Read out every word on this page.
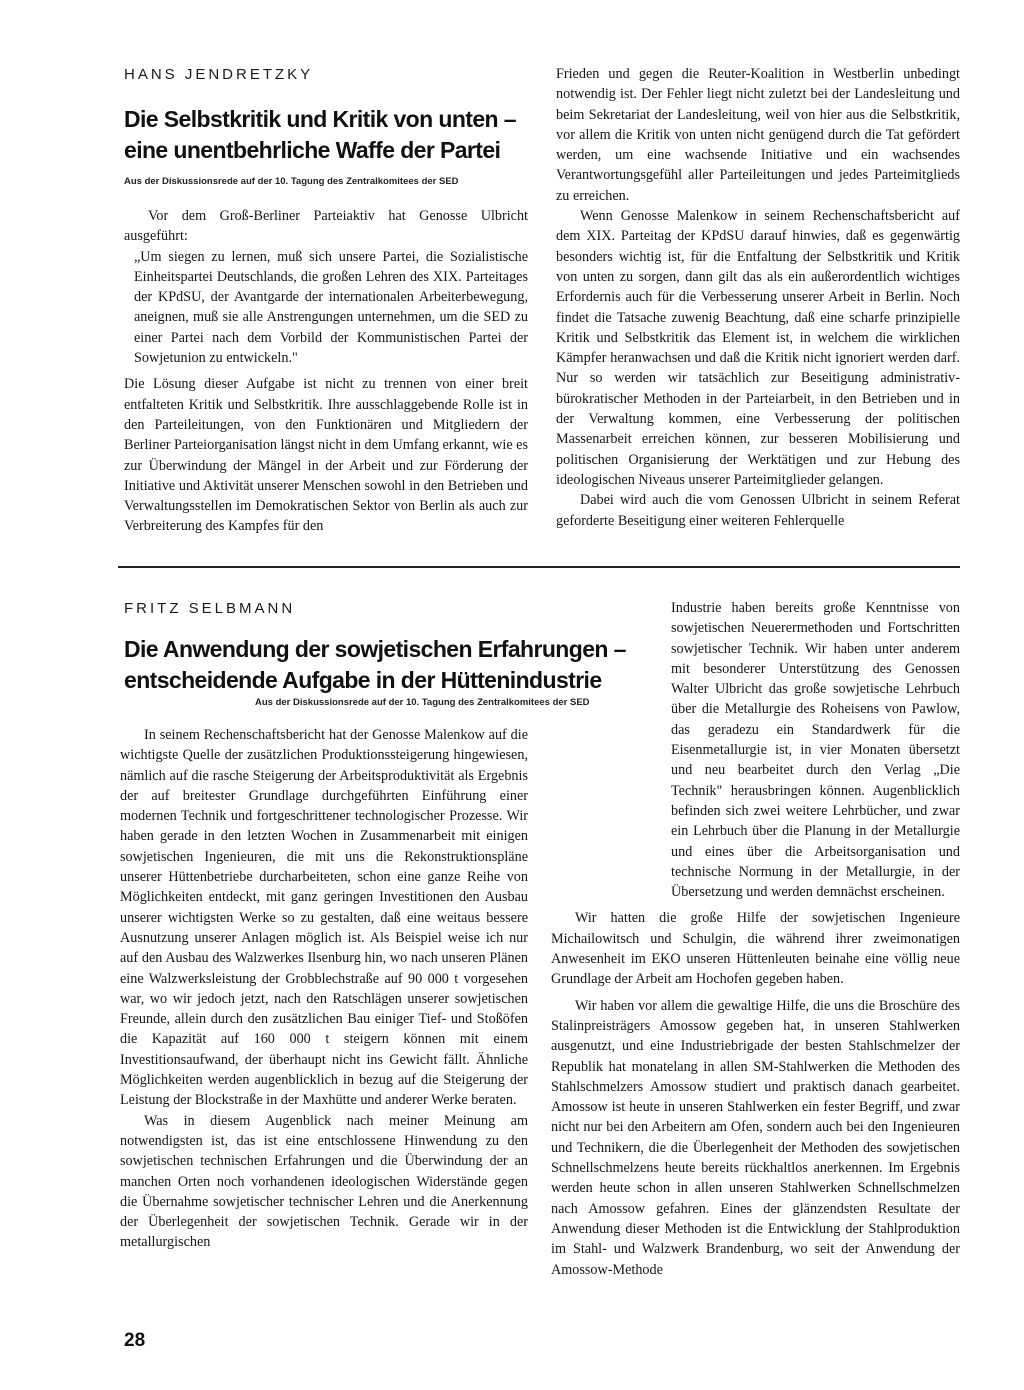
HANS JENDRETZKY
Die Selbstkritik und Kritik von unten –
eine unentbehrliche Waffe der Partei
Aus der Diskussionsrede auf der 10. Tagung des Zentralkomitees der SED

Vor dem Groß-Berliner Parteiaktiv hat Genosse Ulbricht ausgeführt:

„Um siegen zu lernen, muß sich unsere Partei, die Sozialistische Einheitspartei Deutschlands, die großen Lehren des XIX. Parteitages der KPdSU, der Avantgarde der internationalen Arbeiterbewegung, aneignen, muß sie alle Anstrengungen unternehmen, um die SED zu einer Partei nach dem Vorbild der Kommunistischen Partei der Sowjetunion zu entwickeln."

Die Lösung dieser Aufgabe ist nicht zu trennen von einer breit entfalteten Kritik und Selbstkritik. Ihre ausschlaggebende Rolle ist in den Parteileitungen, von den Funktionären und Mitgliedern der Berliner Parteiorganisation längst nicht in dem Umfang erkannt, wie es zur Überwindung der Mängel in der Arbeit und zur Förderung der Initiative und Aktivität unserer Menschen sowohl in den Betrieben und Verwaltungsstellen im Demokratischen Sektor von Berlin als auch zur Verbreiterung des Kampfes für den

Frieden und gegen die Reuter-Koalition in Westberlin unbedingt notwendig ist. Der Fehler liegt nicht zuletzt bei der Landesleitung und beim Sekretariat der Landesleitung, weil von hier aus die Selbstkritik, vor allem die Kritik von unten nicht genügend durch die Tat gefördert werden, um eine wachsende Initiative und ein wachsendes Verantwortungsgefühl aller Parteileitungen und jedes Parteimitglieds zu erreichen.

Wenn Genosse Malenkow in seinem Rechenschaftsbericht auf dem XIX. Parteitag der KPdSU darauf hinwies, daß es gegenwärtig besonders wichtig ist, für die Entfaltung der Selbstkritik und Kritik von unten zu sorgen, dann gilt das als ein außerordentlich wichtiges Erfordernis auch für die Verbesserung unserer Arbeit in Berlin. Noch findet die Tatsache zuwenig Beachtung, daß eine scharfe prinzipielle Kritik und Selbstkritik das Element ist, in welchem die wirklichen Kämpfer heranwachsen und daß die Kritik nicht ignoriert werden darf. Nur so werden wir tatsächlich zur Beseitigung administrativ-bürokratischer Methoden in der Parteiarbeit, in den Betrieben und in der Verwaltung kommen, eine Verbesserung der politischen Massenarbeit erreichen können, zur besseren Mobilisierung und politischen Organisierung der Werktätigen und zur Hebung des ideologischen Niveaus unserer Parteimitglieder gelangen.

Dabei wird auch die vom Genossen Ulbricht in seinem Referat geforderte Beseitigung einer weiteren Fehlerquelle

FRITZ SELBMANN
Die Anwendung der sowjetischen Erfahrungen –
entscheidende Aufgabe in der Hüttenindustrie
Aus der Diskussionsrede auf der 10. Tagung des Zentralkomitees der SED

In seinem Rechenschaftsbericht hat der Genosse Malenkow auf die wichtigste Quelle der zusätzlichen Produktionssteigerung hingewiesen, nämlich auf die rasche Steigerung der Arbeitsproduktivität als Ergebnis der auf breitester Grundlage durchgeführten Einführung einer modernen Technik und fortgeschrittener technologischer Prozesse. Wir haben gerade in den letzten Wochen in Zusammenarbeit mit einigen sowjetischen Ingenieuren, die mit uns die Rekonstruktionspläne unserer Hüttenbetriebe durcharbeiteten, schon eine ganze Reihe von Möglichkeiten entdeckt, mit ganz geringen Investitionen den Ausbau unserer wichtigsten Werke so zu gestalten, daß eine weitaus bessere Ausnutzung unserer Anlagen möglich ist. Als Beispiel weise ich nur auf den Ausbau des Walzwerkes Ilsenburg hin, wo nach unseren Plänen eine Walzwerksleistung der Grobblechstraße auf 90 000 t vorgesehen war, wo wir jedoch jetzt, nach den Ratschlägen unserer sowjetischen Freunde, allein durch den zusätzlichen Bau einiger Tief- und Stoßöfen die Kapazität auf 160 000 t steigern können mit einem Investitionsaufwand, der überhaupt nicht ins Gewicht fällt. Ähnliche Möglichkeiten werden augenblicklich in bezug auf die Steigerung der Leistung der Blockstraße in der Maxhütte und anderer Werke beraten.

Was in diesem Augenblick nach meiner Meinung am notwendigsten ist, das ist eine entschlossene Hinwendung zu den sowjetischen technischen Erfahrungen und die Überwindung der an manchen Orten noch vorhandenen ideologischen Widerstände gegen die Übernahme sowjetischer technischer Lehren und die Anerkennung der Überlegenheit der sowjetischen Technik. Gerade wir in der metallurgischen

Industrie haben bereits große Kenntnisse von sowjetischen Neuerermethoden und Fortschritten sowjetischer Technik. Wir haben unter anderem mit besonderer Unterstützung des Genossen Walter Ulbricht das große sowjetische Lehrbuch über die Metallurgie des Roheisens von Pawlow, das geradezu ein Standardwerk für die Eisenmetallurgie ist, in vier Monaten übersetzt und neu bearbeitet durch den Verlag „Die Technik" herausbringen können. Augenblicklich befinden sich zwei weitere Lehrbücher, und zwar ein Lehrbuch über die Planung in der Metallurgie und eines über die Arbeitsorganisation und technische Normung in der Metallurgie, in der Übersetzung und werden demnächst erscheinen.

Wir hatten die große Hilfe der sowjetischen Ingenieure Michailowitsch und Schulgin, die während ihrer zweimonatigen Anwesenheit im EKO unseren Hüttenleuten beinahe eine völlig neue Grundlage der Arbeit am Hochofen gegeben haben.

Wir haben vor allem die gewaltige Hilfe, die uns die Broschüre des Stalinpreisträgers Amossow gegeben hat, in unseren Stahlwerken ausgenutzt, und eine Industriebrigade der besten Stahlschmelzer der Republik hat monatelang in allen SM-Stahlwerken die Methoden des Stahlschmelzers Amossow studiert und praktisch danach gearbeitet. Amossow ist heute in unseren Stahlwerken ein fester Begriff, und zwar nicht nur bei den Arbeitern am Ofen, sondern auch bei den Ingenieuren und Technikern, die die Überlegenheit der Methoden des sowjetischen Schnellschmelzens heute bereits rückhaltlos anerkennen. Im Ergebnis werden heute schon in allen unseren Stahlwerken Schnellschmelzen nach Amossow gefahren. Eines der glänzendsten Resultate der Anwendung dieser Methoden ist die Entwicklung der Stahlproduktion im Stahl- und Walzwerk Brandenburg, wo seit der Anwendung der Amossow-Methode

28
